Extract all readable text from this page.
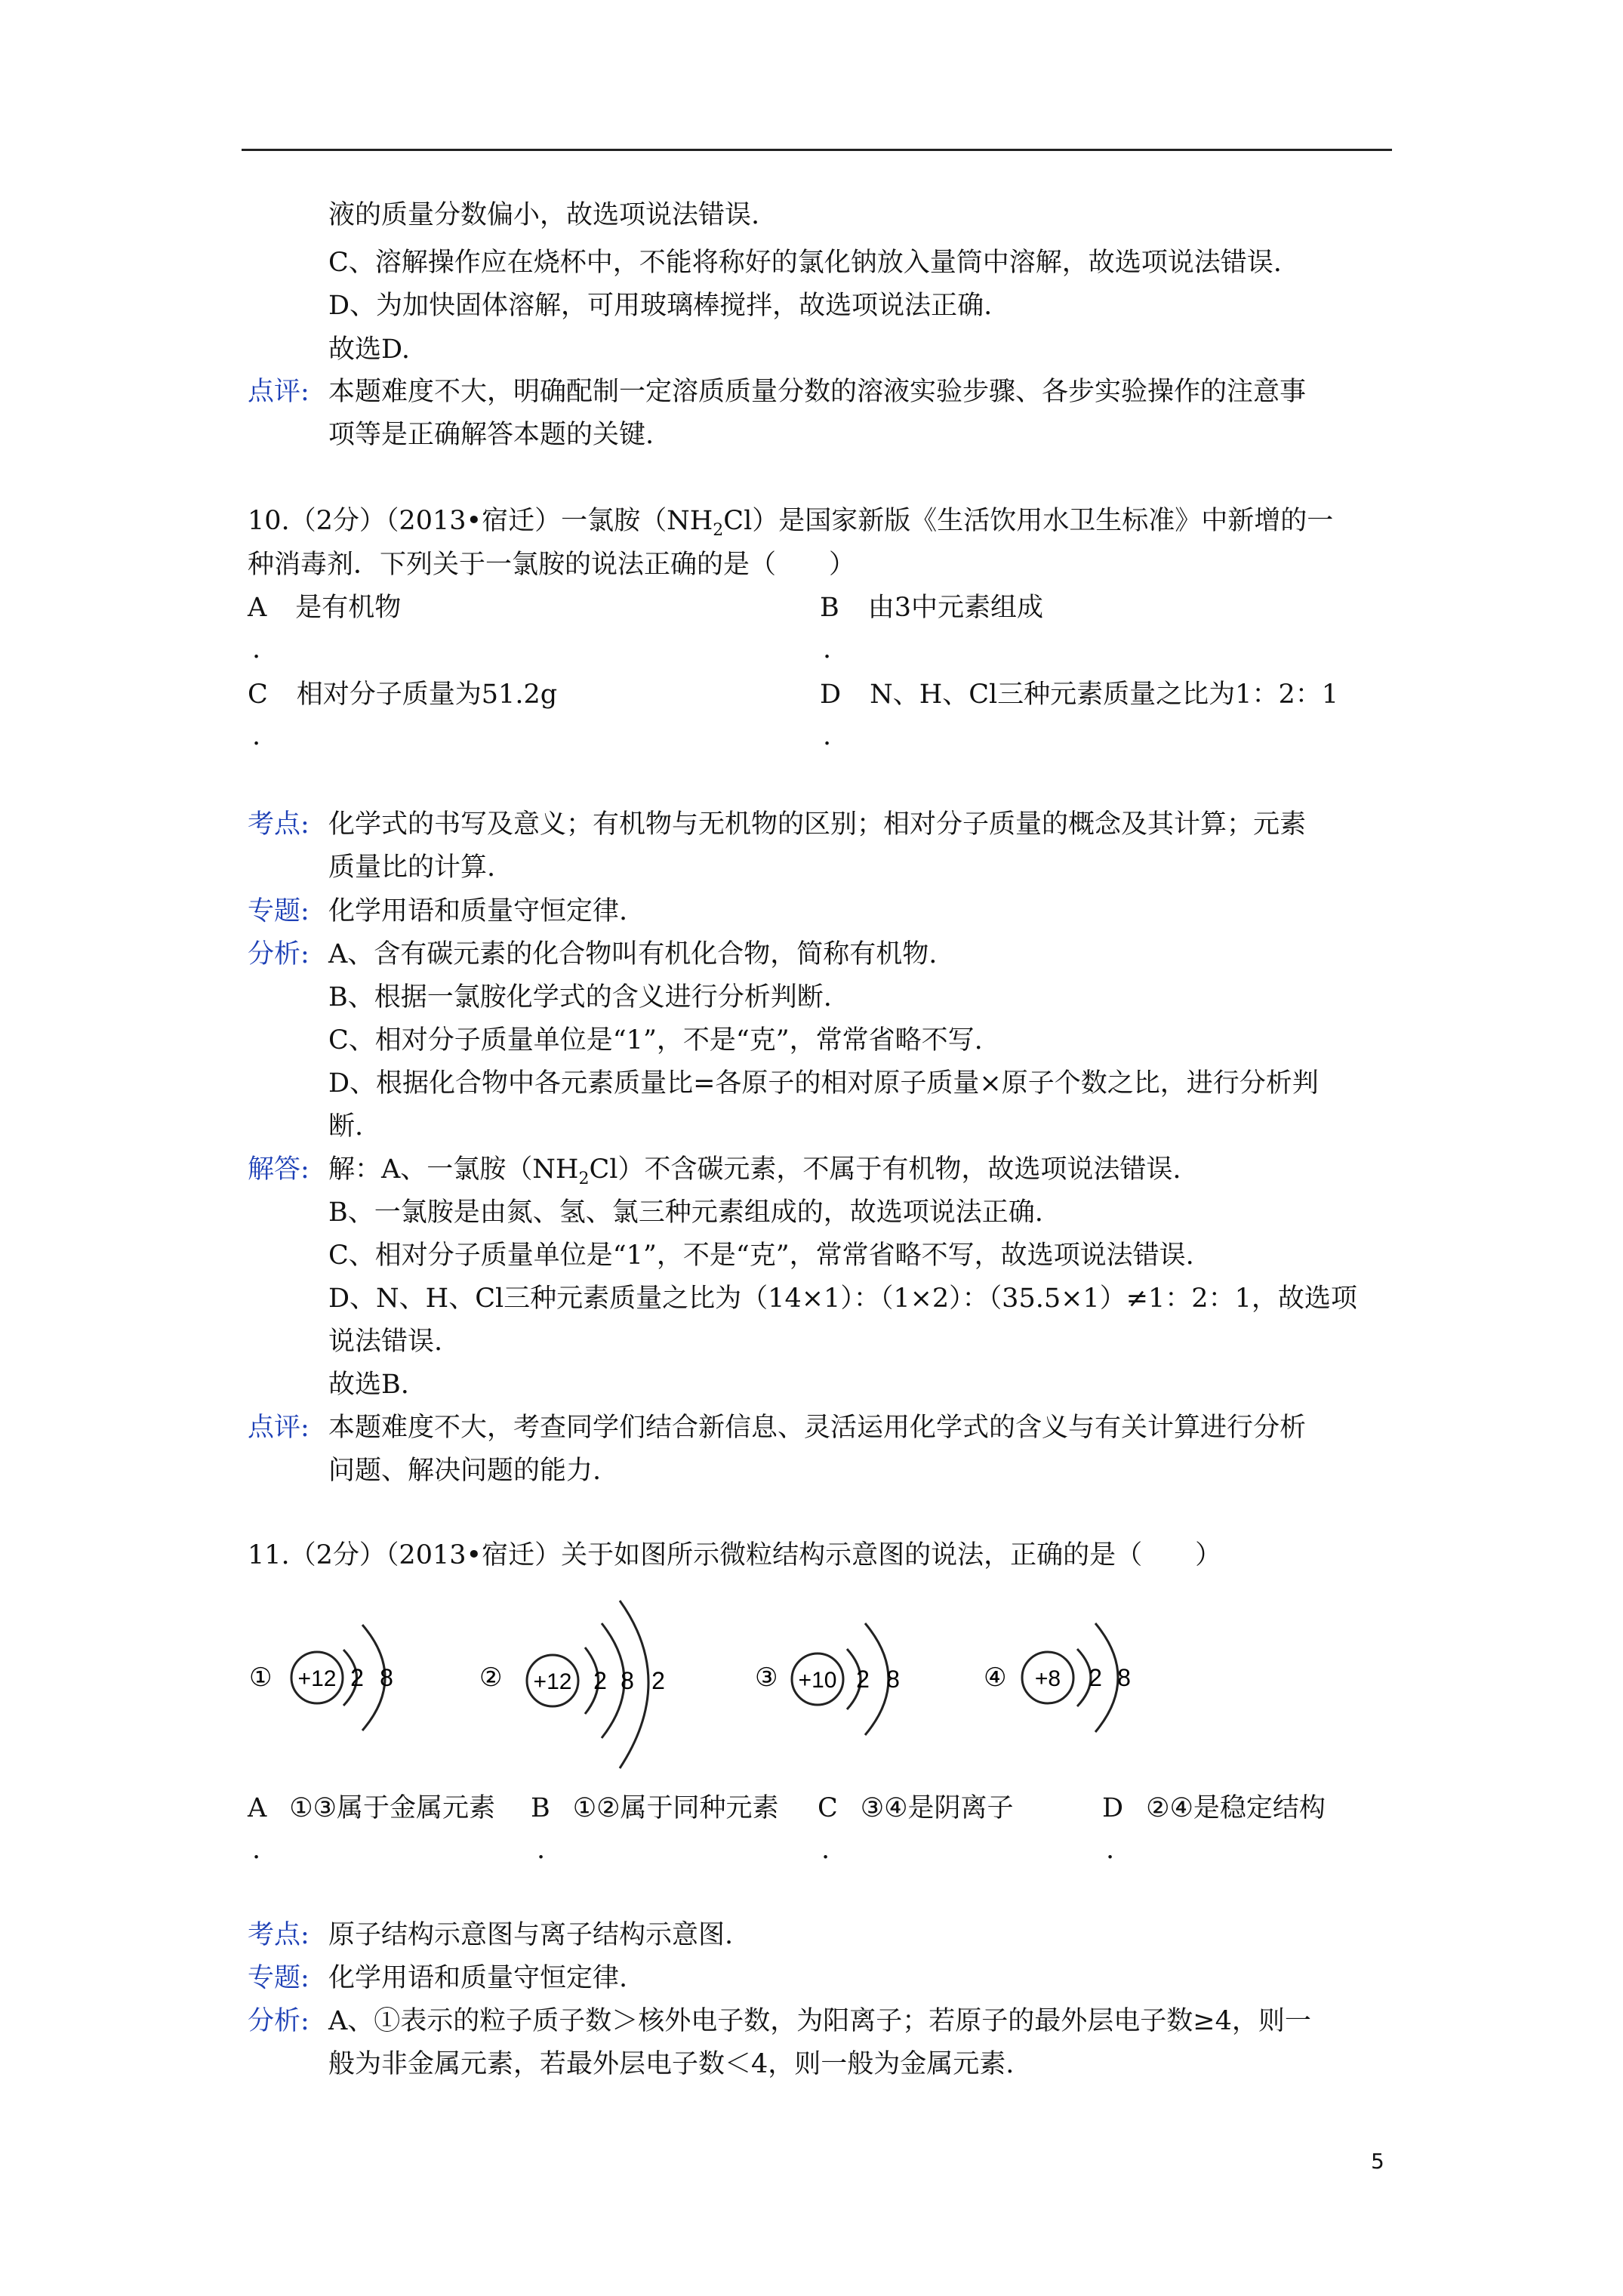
液的质量分数偏小，故选项说法错误.
C、溶解操作应在烧杯中，不能将称好的氯化钠放入量筒中溶解，故选项说法错误.
D、为加快固体溶解，可用玻璃棒搅拌，故选项说法正确.
故选D.
点评: 本题难度不大，明确配制一定溶质质量分数的溶液实验步骤、各步实验操作的注意事
项等是正确解答本题的关键.
10.（2分）（2013•宿迁）一氯胺$(NH_2Cl)$是国家新版《生活饮用水卫生标准》中新增的一
种消毒剂．下列关于一氯胺的说法正确的是（　　）
A 是有机物
.
B 由3中元素组成
.
C 相对分子质量为51.2g
.
D N、H、Cl三种元素质量之比为1：2：1
.
考点: 化学式的书写及意义；有机物与无机物的区别；相对分子质量的概念及其计算；元素
质量比的计算.
专题: 化学用语和质量守恒定律.
分析: A、含有碳元素的化合物叫有机化合物，简称有机物.
B、根据一氯胺化学式的含义进行分析判断.
C、相对分子质量单位是“1”，不是“克”，常常省略不写.
D、根据化合物中各元素质量比=各原子的相对原子质量×原子个数之比，进行分析判
断.
解答: 解：A、一氯胺$(NH_2Cl)$不含碳元素，不属于有机物，故选项说法错误.
B、一氯胺是由氮、氢、氯三种元素组成的，故选项说法正确.
C、相对分子质量单位是“1”，不是“克”，常常省略不写，故选项说法错误.
D、N、H、Cl三种元素质量之比为（14×1）：（1×2）：（35.5×1）≠1：2：1，故选项
说法错误.
故选B.
点评: 本题难度不大，考查同学们结合新信息、灵活运用化学式的含义与有关计算进行分析
问题、解决问题的能力.
11.（2分）（2013•宿迁）关于如图所示微粒结构示意图的说法，正确的是（　　）
① +12 2 8	② +12 2 8 2	③ +10 2 8	④ +8 2 8
A ①③属于金属元素
.
B ①②属于同种元素
.
C ③④是阴离子
.
D ②④是稳定结构
.
考点: 原子结构示意图与离子结构示意图.
专题: 化学用语和质量守恒定律.
分析: A、①表示的粒子质子数＞核外电子数，为阳离子；若原子的最外层电子数≥4，则一
般为非金属元素，若最外层电子数＜4，则一般为金属元素.
5
